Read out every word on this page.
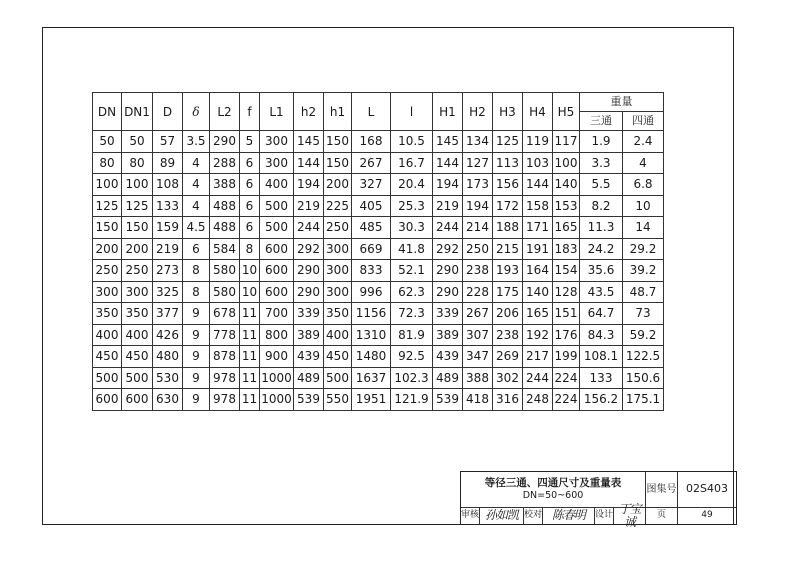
DN	DN1	D	δ	L2	f	L1	h2	h1	L	l	H1	H2	H3	H4	H5	重量	
																三通	四通
50	50	57	3.5	290	5	300	145	150	168	10.5	145	134	125	119	117	1.9	2.4
80	80	89	4	288	6	300	144	150	267	16.7	144	127	113	103	100	3.3	4
100	100	108	4	388	6	400	194	200	327	20.4	194	173	156	144	140	5.5	6.8
125	125	133	4	488	6	500	219	225	405	25.3	219	194	172	158	153	8.2	10
150	150	159	4.5	488	6	500	244	250	485	30.3	244	214	188	171	165	11.3	14
200	200	219	6	584	8	600	292	300	669	41.8	292	250	215	191	183	24.2	29.2
250	250	273	8	580	10	600	290	300	833	52.1	290	238	193	164	154	35.6	39.2
300	300	325	8	580	10	600	290	300	996	62.3	290	228	175	140	128	43.5	48.7
350	350	377	9	678	11	700	339	350	1156	72.3	339	267	206	165	151	64.7	73
400	400	426	9	778	11	800	389	400	1310	81.9	389	307	238	192	176	84.3	59.2
450	450	480	9	878	11	900	439	450	1480	92.5	439	347	269	217	199	108.1	122.5
500	500	530	9	978	11	1000	489	500	1637	102.3	489	388	302	244	224	133	150.6
600	600	630	9	978	11	1000	539	550	1951	121.9	539	418	316	248	224	156.2	175.1
等径三通、四通尺寸及重量表
DN=50~600
图集号 02S403
审核 孙如凯 校对 陈春明	设计 丁宝诚	页	49
